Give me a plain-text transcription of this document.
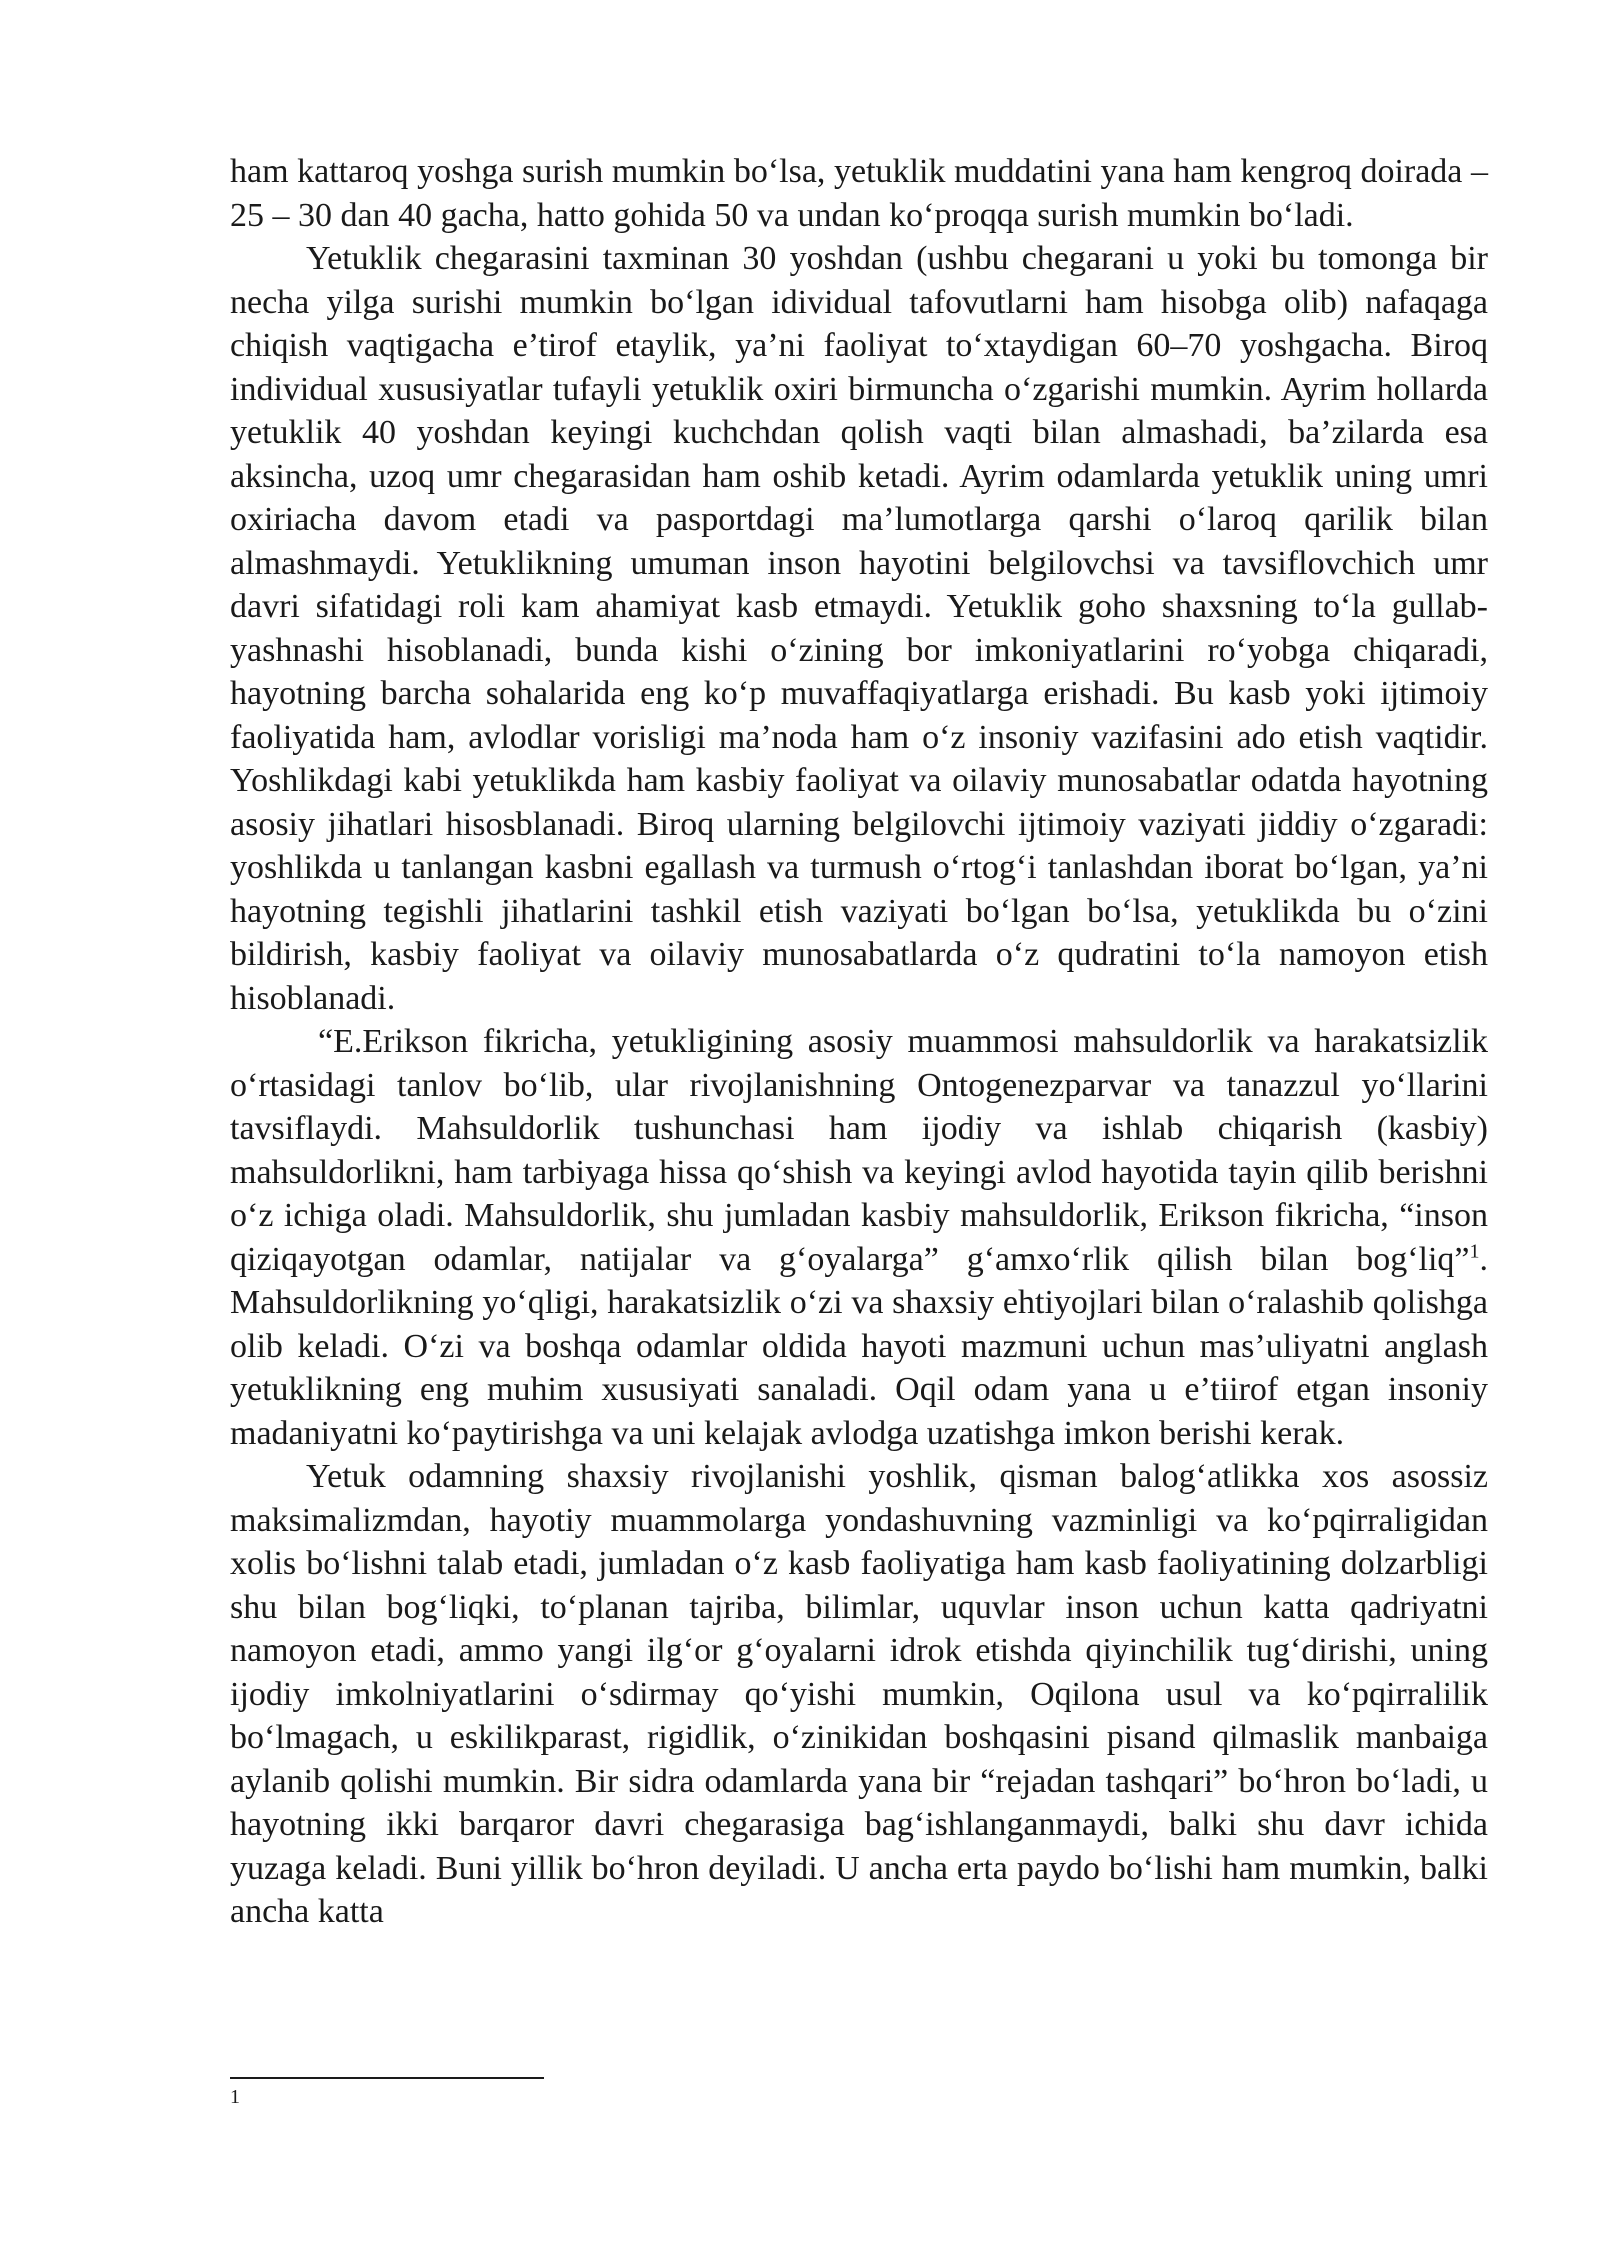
ham kattaroq yoshga surish mumkin bo‘lsa, yetuklik muddatini yana ham kengroq doirada – 25 – 30 dan 40 gacha, hatto gohida 50 va undan ko‘proqqa surish mumkin bo‘ladi.

Yetuklik chegarasini taxminan 30 yoshdan (ushbu chegarani u yoki bu tomonga bir necha yilga surishi mumkin bo‘lgan idividual tafovutlarni ham hisobga olib) nafaqaga chiqish vaqtigacha e’tirof etaylik, ya’ni faoliyat to‘xtaydigan 60–70 yoshgacha. Biroq individual xususiyatlar tufayli yetuklik oxiri birmuncha o‘zgarishi mumkin. Ayrim hollarda yetuklik 40 yoshdan keyingi kuchchdan qolish vaqti bilan almashadi, ba’zilarda esa aksincha, uzoq umr chegarasidan ham oshib ketadi. Ayrim odamlarda yetuklik uning umri oxiriacha davom etadi va pasportdagi ma’lumotlarga qarshi o‘laroq qarilik bilan almashmaydi. Yetuklikning umuman inson hayotini belgilovchsi va tavsiflovchich umr davri sifatidagi roli kam ahamiyat kasb etmaydi. Yetuklik goho shaxsning to‘la gullab-yashnashi hisoblanadi, bunda kishi o‘zining bor imkoniyatlarini ro‘yobga chiqaradi, hayotning barcha sohalarida eng ko‘p muvaffaqiyatlarga erishadi. Bu kasb yoki ijtimoiy faoliyatida ham, avlodlar vorisligi ma’noda ham o‘z insoniy vazifasini ado etish vaqtidir. Yoshlikdagi kabi yetuklikda ham kasbiy faoliyat va oilaviy munosabatlar odatda hayotning asosiy jihatlari hisosblanadi. Biroq ularning belgilovchi ijtimoiy vaziyati jiddiy o‘zgaradi: yoshlikda u tanlangan kasbni egallash va turmush o‘rtog‘i tanlashdan iborat bo‘lgan, ya’ni hayotning tegishli jihatlarini tashkil etish vaziyati bo‘lgan bo‘lsa, yetuklikda bu o‘zini bildirish, kasbiy faoliyat va oilaviy munosabatlarda o‘z qudratini to‘la namoyon etish hisoblanadi.

“E.Erikson fikricha, yetukligining asosiy muammosi mahsuldorlik va harakatsizlik o‘rtasidagi tanlov bo‘lib, ular rivojlanishning Ontogenezparvar va tanazzul yo‘llarini tavsiflaydi. Mahsuldorlik tushunchasi ham ijodiy va ishlab chiqarish (kasbiy) mahsuldorlikni, ham tarbiyaga hissa qo‘shish va keyingi avlod hayotida tayin qilib berishni o‘z ichiga oladi. Mahsuldorlik, shu jumladan kasbiy mahsuldorlik, Erikson fikricha, “inson qiziqayotgan odamlar, natijalar va g‘oyalarga” g‘amxo‘rlik qilish bilan bog‘liq”$^1$. Mahsuldorlikning yo‘qligi, harakatsizlik o‘zi va shaxsiy ehtiyojlari bilan o‘ralashib qolishga olib keladi. O‘zi va boshqa odamlar oldida hayoti mazmuni uchun mas’uliyatni anglash yetuklikning eng muhim xususiyati sanaladi. Oqil odam yana u e’tiirof etgan insoniy madaniyatni ko‘paytirishga va uni kelajak avlodga uzatishga imkon berishi kerak.

Yetuk odamning shaxsiy rivojlanishi yoshlik, qisman balog‘atlikka xos asossiz maksimalizmdan, hayotiy muammolarga yondashuvning vazminligi va ko‘pqirraligidan xolis bo‘lishni talab etadi, jumladan o‘z kasb faoliyatiga ham kasb faoliyatining dolzarbligi shu bilan bog‘liqki, to‘planan tajriba, bilimlar, uquvlar inson uchun katta qadriyatni namoyon etadi, ammo yangi ilg‘or g‘oyalarni idrok etishda qiyinchilik tug‘dirishi, uning ijodiy imkolniyatlarini o‘sdirmay qo‘yishi mumkin, Oqilona usul va ko‘pqirralilik bo‘lmagach, u eskilikparast, rigidlik, o‘zinikidan boshqasini pisand qilmaslik manbaiga aylanib qolishi mumkin. Bir sidra odamlarda yana bir “rejadan tashqari” bo‘hron bo‘ladi, u hayotning ikki barqaror davri chegarasiga bag‘ishlanganmaydi, balki shu davr ichida yuzaga keladi. Buni yillik bo‘hron deyiladi. U ancha erta paydo bo‘lishi ham mumkin, balki ancha katta

1
